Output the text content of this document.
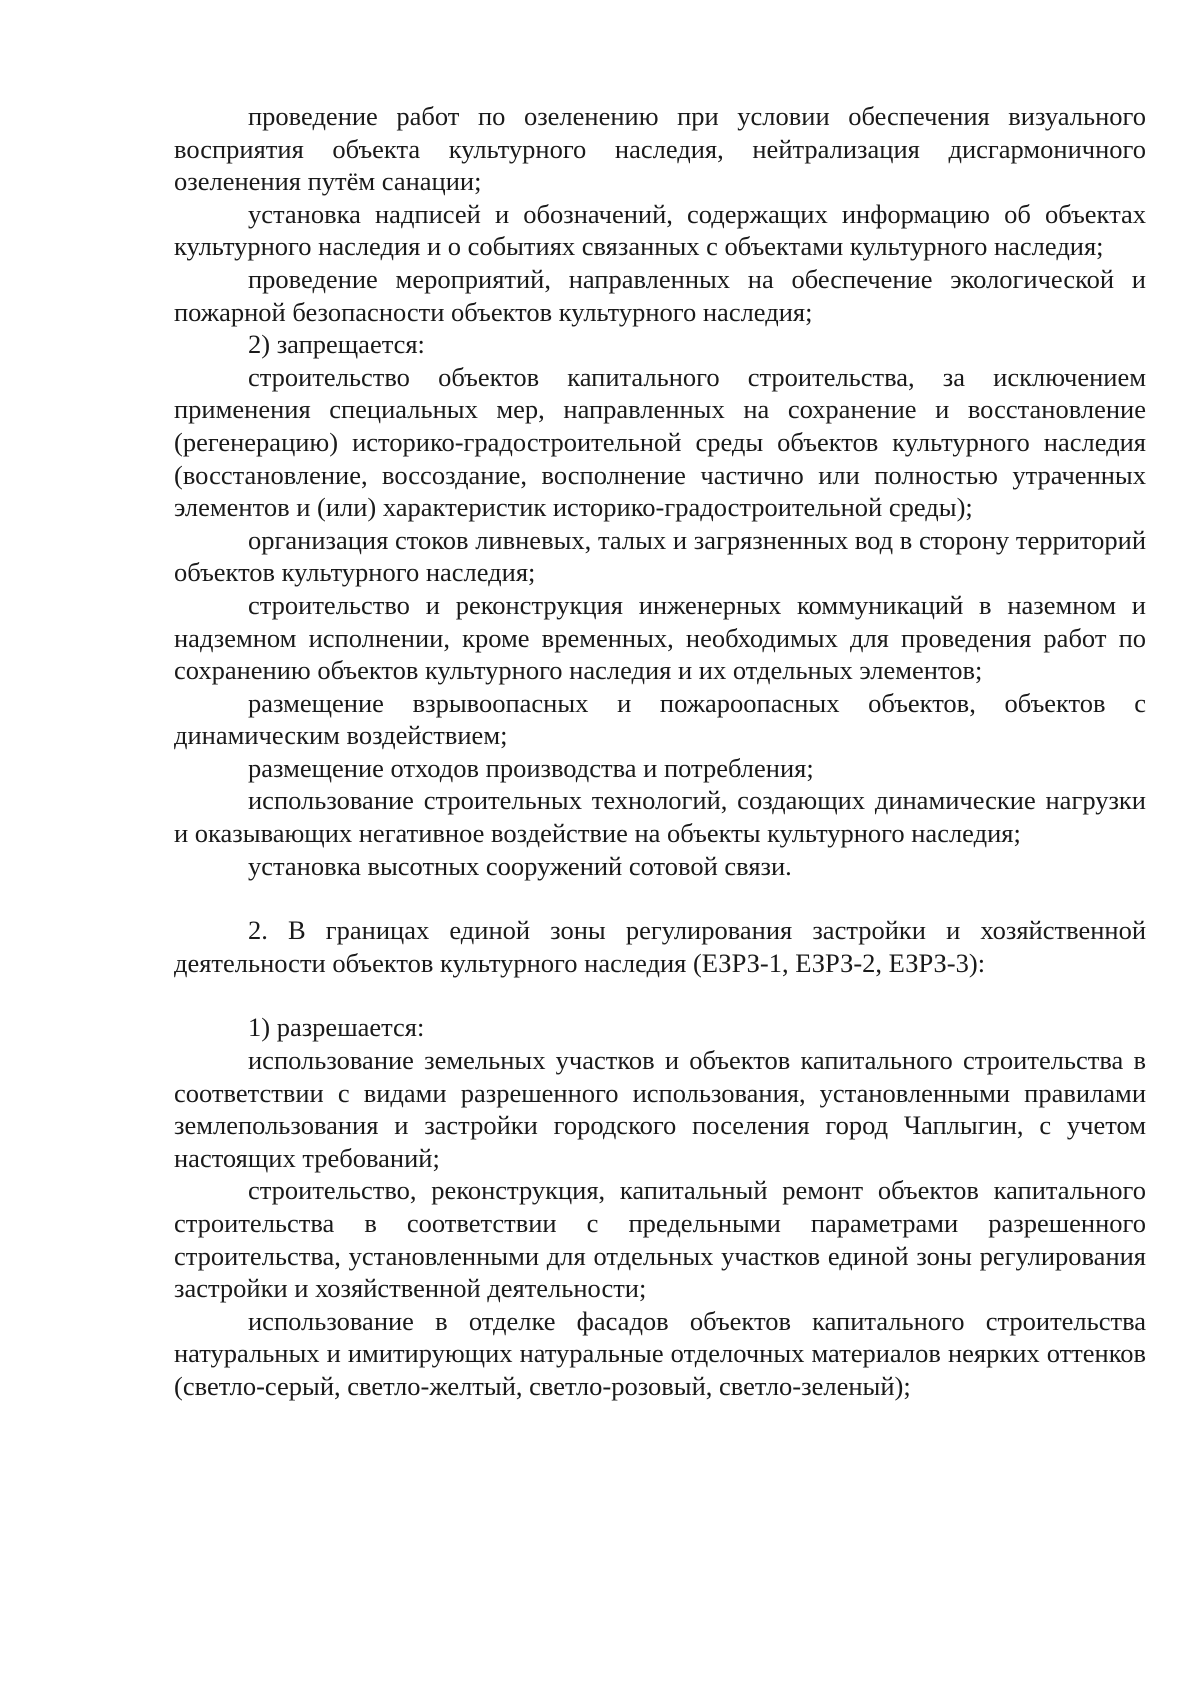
проведение работ по озеленению при условии обеспечения визуального восприятия объекта культурного наследия, нейтрализация дисгармоничного озеленения путём санации;

установка надписей и обозначений, содержащих информацию об объектах культурного наследия и о событиях связанных с объектами культурного наследия;

проведение мероприятий, направленных на обеспечение экологической и пожарной безопасности объектов культурного наследия;

2) запрещается:

строительство объектов капитального строительства, за исключением применения специальных мер, направленных на сохранение и восстановление (регенерацию) историко-градостроительной среды объектов культурного наследия (восстановление, воссоздание, восполнение частично или полностью утраченных элементов и (или) характеристик историко-градостроительной среды);

организация стоков ливневых, талых и загрязненных вод в сторону территорий объектов культурного наследия;

строительство и реконструкция инженерных коммуникаций в наземном и надземном исполнении, кроме временных, необходимых для проведения работ по сохранению объектов культурного наследия и их отдельных элементов;

размещение взрывоопасных и пожароопасных объектов, объектов с динамическим воздействием;

размещение отходов производства и потребления;

использование строительных технологий, создающих динамические нагрузки и оказывающих негативное воздействие на объекты культурного наследия;

установка высотных сооружений сотовой связи.

2. В границах единой зоны регулирования застройки и хозяйственной деятельности объектов культурного наследия (ЕЗРЗ-1, ЕЗРЗ-2, ЕЗРЗ-3):

1) разрешается:

использование земельных участков и объектов капитального строительства в соответствии с видами разрешенного использования, установленными правилами землепользования и застройки городского поселения город Чаплыгин, с учетом настоящих требований;

строительство, реконструкция, капитальный ремонт объектов капитального строительства в соответствии с предельными параметрами разрешенного строительства, установленными для отдельных участков единой зоны регулирования застройки и хозяйственной деятельности;

использование в отделке фасадов объектов капитального строительства натуральных и имитирующих натуральные отделочных материалов неярких оттенков (светло-серый, светло-желтый, светло-розовый, светло-зеленый);
